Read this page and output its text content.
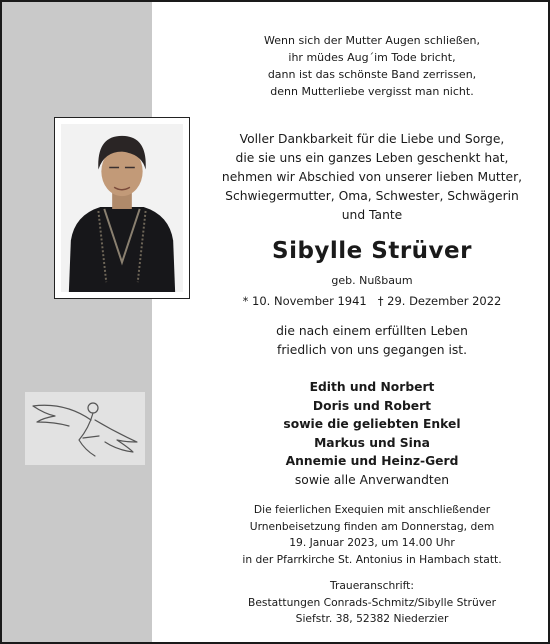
Wenn sich der Mutter Augen schließen,
ihr müdes Aug´im Tode bricht,
dann ist das schönste Band zerrissen,
denn Mutterliebe vergisst man nicht.
Voller Dankbarkeit für die Liebe und Sorge,
die sie uns ein ganzes Leben geschenkt hat,
nehmen wir Abschied von unserer lieben Mutter,
Schwiegermutter, Oma, Schwester, Schwägerin
und Tante
Sibylle Strüver
geb. Nußbaum
* 10. November 1941 † 29. Dezember 2022
die nach einem erfüllten Leben
friedlich von uns gegangen ist.
Edith und Norbert
Doris und Robert
sowie die geliebten Enkel
Markus und Sina
Annemie und Heinz-Gerd
sowie alle Anverwandten
Die feierlichen Exequien mit anschließender
Urnenbeisetzung finden am Donnerstag, dem
19. Januar 2023, um 14.00 Uhr
in der Pfarrkirche St. Antonius in Hambach statt.
Traueranschrift:
Bestattungen Conrads-Schmitz/Sibylle Strüver
Siefstr. 38, 52382 Niederzier
